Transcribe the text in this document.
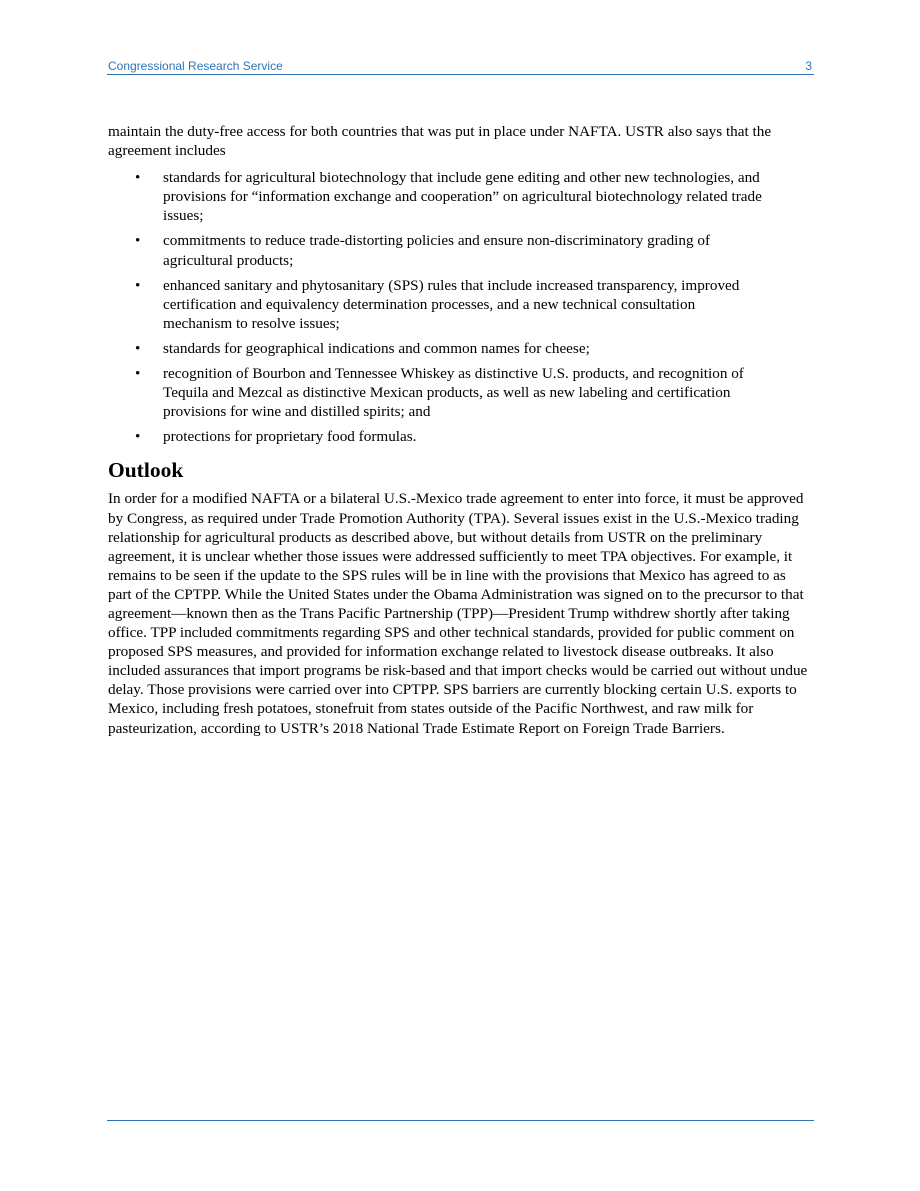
Congressional Research Service	3

maintain the duty-free access for both countries that was put in place under NAFTA. USTR also says that the agreement includes

• standards for agricultural biotechnology that include gene editing and other new technologies, and provisions for “information exchange and cooperation” on agricultural biotechnology related trade issues;
• commitments to reduce trade-distorting policies and ensure non-discriminatory grading of agricultural products;
• enhanced sanitary and phytosanitary (SPS) rules that include increased transparency, improved certification and equivalency determination processes, and a new technical consultation mechanism to resolve issues;
• standards for geographical indications and common names for cheese;
• recognition of Bourbon and Tennessee Whiskey as distinctive U.S. products, and recognition of Tequila and Mezcal as distinctive Mexican products, as well as new labeling and certification provisions for wine and distilled spirits; and
• protections for proprietary food formulas.
Outlook

In order for a modified NAFTA or a bilateral U.S.-Mexico trade agreement to enter into force, it must be approved by Congress, as required under Trade Promotion Authority (TPA). Several issues exist in the U.S.-Mexico trading relationship for agricultural products as described above, but without details from USTR on the preliminary agreement, it is unclear whether those issues were addressed sufficiently to meet TPA objectives. For example, it remains to be seen if the update to the SPS rules will be in line with the provisions that Mexico has agreed to as part of the CPTPP. While the United States under the Obama Administration was signed on to the precursor to that agreement—known then as the Trans Pacific Partnership (TPP)—President Trump withdrew shortly after taking office. TPP included commitments regarding SPS and other technical standards, provided for public comment on proposed SPS measures, and provided for information exchange related to livestock disease outbreaks. It also included assurances that import programs be risk-based and that import checks would be carried out without undue delay. Those provisions were carried over into CPTPP. SPS barriers are currently blocking certain U.S. exports to Mexico, including fresh potatoes, stonefruit from states outside of the Pacific Northwest, and raw milk for pasteurization, according to USTR’s 2018 National Trade Estimate Report on Foreign Trade Barriers.
